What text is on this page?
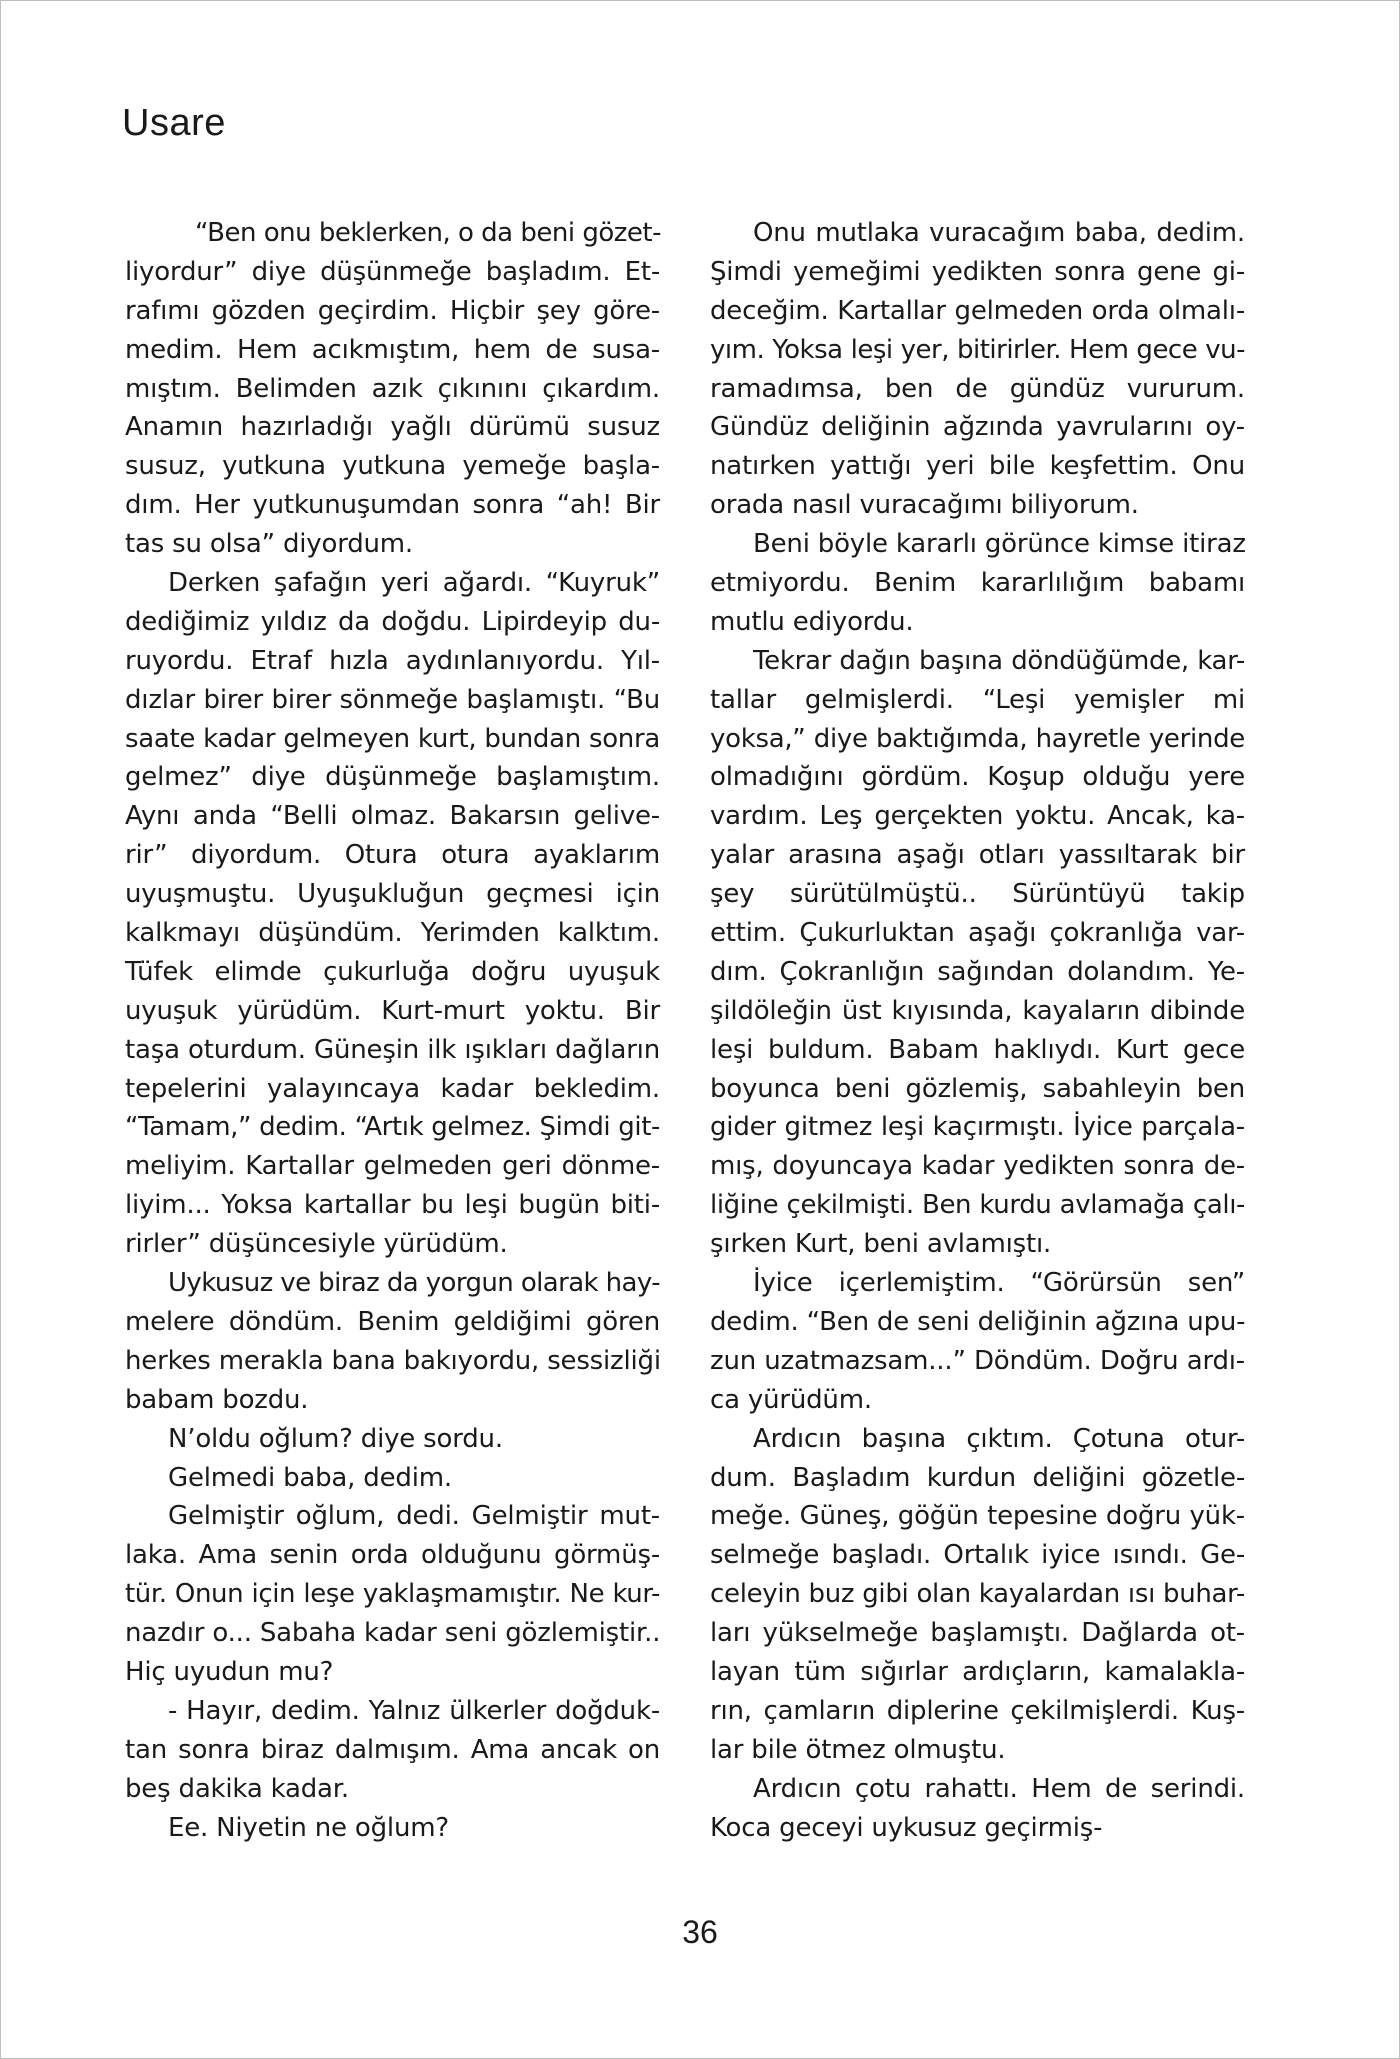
Usare
“Ben onu beklerken, o da beni gözet-
liyordur” diye düşünmeğe başladım. Et-
rafımı gözden geçirdim. Hiçbir şey göre-
medim. Hem acıkmıştım, hem de susa-
mıştım. Belimden azık çıkınını çıkardım.
Anamın hazırladığı yağlı dürümü susuz
susuz, yutkuna yutkuna yemeğe başla-
dım. Her yutkunuşumdan sonra “ah! Bir
tas su olsa” diyordum.
Derken şafağın yeri ağardı. “Kuyruk”
dediğimiz yıldız da doğdu. Lipirdeyip du-
ruyordu. Etraf hızla aydınlanıyordu. Yıl-
dızlar birer birer sönmeğe başlamıştı. “Bu
saate kadar gelmeyen kurt, bundan sonra
gelmez” diye düşünmeğe başlamıştım.
Aynı anda “Belli olmaz. Bakarsın gelive-
rir” diyordum. Otura otura ayaklarım
uyuşmuştu. Uyuşukluğun geçmesi için
kalkmayı düşündüm. Yerimden kalktım.
Tüfek elimde çukurluğa doğru uyuşuk
uyuşuk yürüdüm. Kurt-murt yoktu. Bir
taşa oturdum. Güneşin ilk ışıkları dağların
tepelerini yalayıncaya kadar bekledim.
“Tamam,” dedim. “Artık gelmez. Şimdi git-
meliyim. Kartallar gelmeden geri dönme-
liyim... Yoksa kartallar bu leşi bugün biti-
rirler” düşüncesiyle yürüdüm.
Uykusuz ve biraz da yorgun olarak hay-
melere döndüm. Benim geldiğimi gören
herkes merakla bana bakıyordu, sessizliği
babam bozdu.
N’oldu oğlum? diye sordu.
Gelmedi baba, dedim.
Gelmiştir oğlum, dedi. Gelmiştir mut-
laka. Ama senin orda olduğunu görmüş-
tür. Onun için leşe yaklaşmamıştır. Ne kur-
nazdır o... Sabaha kadar seni gözlemiştir..
Hiç uyudun mu?
- Hayır, dedim. Yalnız ülkerler doğduk-
tan sonra biraz dalmışım. Ama ancak on
beş dakika kadar.
Ee. Niyetin ne oğlum?
Onu mutlaka vuracağım baba, dedim.
Şimdi yemeğimi yedikten sonra gene gi-
deceğim. Kartallar gelmeden orda olmalı-
yım. Yoksa leşi yer, bitirirler. Hem gece vu-
ramadımsa, ben de gündüz vururum.
Gündüz deliğinin ağzında yavrularını oy-
natırken yattığı yeri bile keşfettim. Onu
orada nasıl vuracağımı biliyorum.
Beni böyle kararlı görünce kimse itiraz
etmiyordu. Benim kararlılığım babamı
mutlu ediyordu.
Tekrar dağın başına döndüğümde, kar-
tallar gelmişlerdi. “Leşi yemişler mi
yoksa,” diye baktığımda, hayretle yerinde
olmadığını gördüm. Koşup olduğu yere
vardım. Leş gerçekten yoktu. Ancak, ka-
yalar arasına aşağı otları yassıltarak bir
şey sürütülmüştü.. Sürüntüyü takip
ettim. Çukurluktan aşağı çokranlığa var-
dım. Çokranlığın sağından dolandım. Ye-
şildöleğin üst kıyısında, kayaların dibinde
leşi buldum. Babam haklıydı. Kurt gece
boyunca beni gözlemiş, sabahleyin ben
gider gitmez leşi kaçırmıştı. İyice parçala-
mış, doyuncaya kadar yedikten sonra de-
liğine çekilmişti. Ben kurdu avlamağa çalı-
şırken Kurt, beni avlamıştı.
İyice içerlemiştim. “Görürsün sen”
dedim. “Ben de seni deliğinin ağzına upu-
zun uzatmazsam...” Döndüm. Doğru ardı-
ca yürüdüm.
Ardıcın başına çıktım. Çotuna otur-
dum. Başladım kurdun deliğini gözetle-
meğe. Güneş, göğün tepesine doğru yük-
selmeğe başladı. Ortalık iyice ısındı. Ge-
celeyin buz gibi olan kayalardan ısı buhar-
ları yükselmeğe başlamıştı. Dağlarda ot-
layan tüm sığırlar ardıçların, kamalakla-
rın, çamların diplerine çekilmişlerdi. Kuş-
lar bile ötmez olmuştu.
Ardıcın çotu rahattı. Hem de serindi.
Koca geceyi uykusuz geçirmiş-
36
